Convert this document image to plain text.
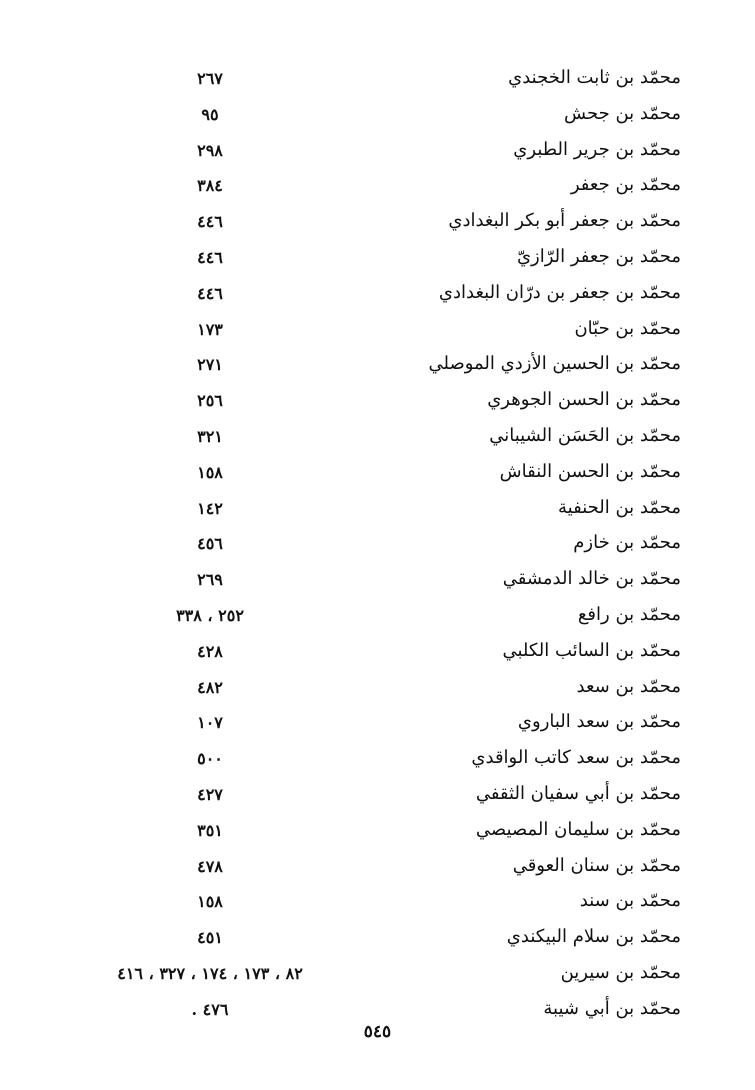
محمّد بن ثابت الخجندي
٢٦٧
محمّد بن جحش
٩٥
محمّد بن جرير الطبري
٢٩٨
محمّد بن جعفر
٣٨٤
محمّد بن جعفر أبو بكر البغدادي
٤٤٦
محمّد بن جعفر الرّازيّ
٤٤٦
محمّد بن جعفر بن درّان البغدادي
٤٤٦
محمّد بن حبّان
١٧٣
محمّد بن الحسين الأزدي الموصلي
٢٧١
محمّد بن الحسن الجوهري
٢٥٦
محمّد بن الحَسَن الشيباني
٣٢١
محمّد بن الحسن النقاش
١٥٨
محمّد بن الحنفية
١٤٢
محمّد بن خازم
٤٥٦
محمّد بن خالد الدمشقي
٢٦٩
محمّد بن رافع
٢٥٢ ، ٣٣٨
محمّد بن السائب الكلبي
٤٢٨
محمّد بن سعد
٤٨٢
محمّد بن سعد الباروي
١٠٧
محمّد بن سعد كاتب الواقدي
٥٠٠
محمّد بن أبي سفيان الثقفي
٤٢٧
محمّد بن سليمان المصيصي
٣٥١
محمّد بن سنان العوقي
٤٧٨
محمّد بن سند
١٥٨
محمّد بن سلام البيكندي
٤٥١
محمّد بن سيرين
٨٢ ، ١٧٣ ، ١٧٤ ، ٣٢٧ ، ٤١٦
محمّد بن أبي شيبة
٤٧٦ .
٥٤٥
